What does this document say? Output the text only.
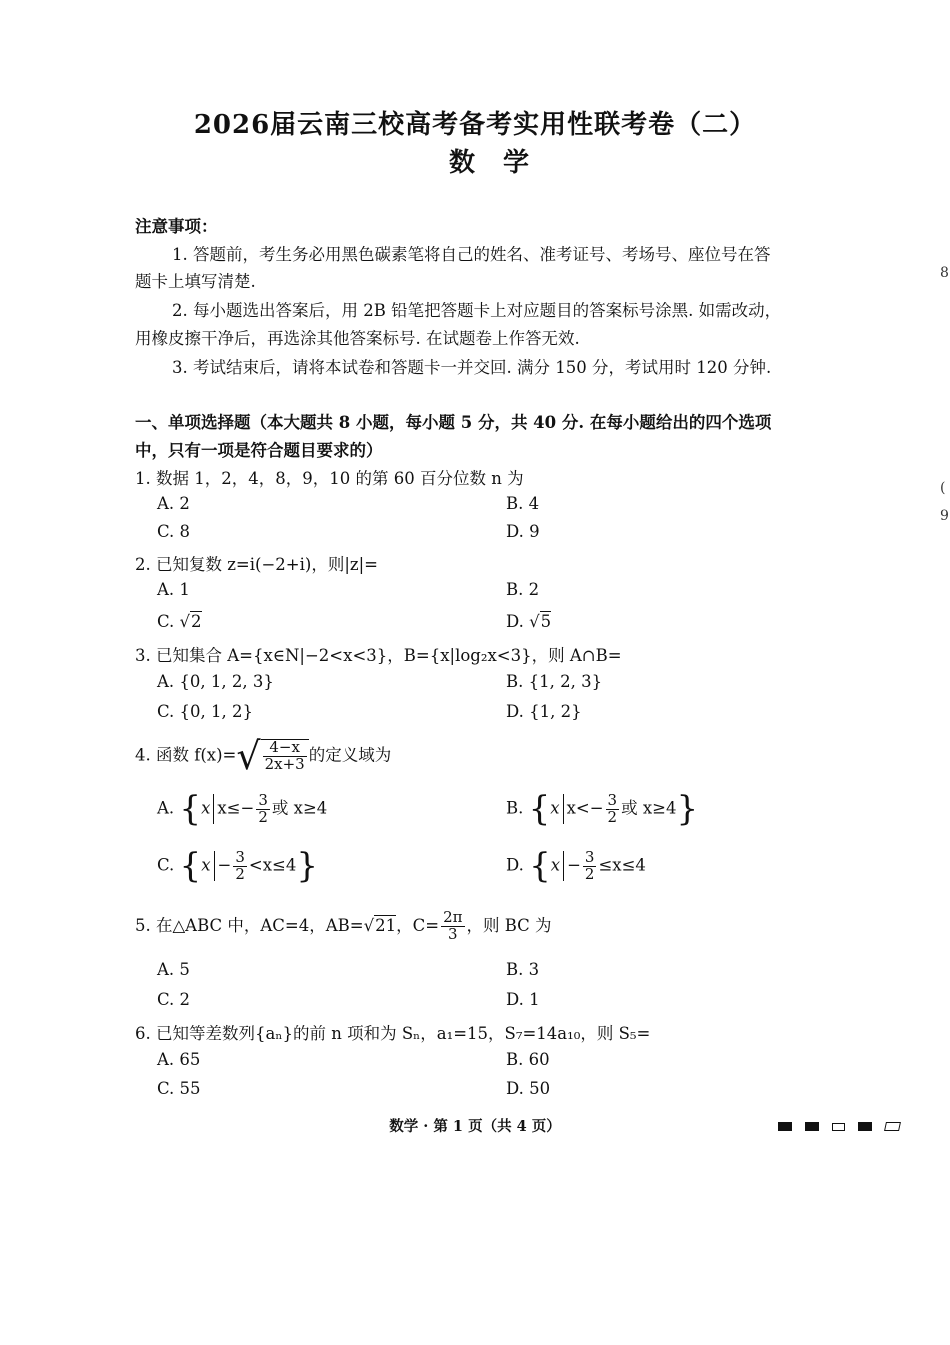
2026届云南三校高考备考实用性联考卷（二）
数学
注意事项：
1. 答题前，考生务必用黑色碳素笔将自己的姓名、准考证号、考场号、座位号在答
题卡上填写清楚.
2. 每小题选出答案后，用 2B 铅笔把答题卡上对应题目的答案标号涂黑. 如需改动，
用橡皮擦干净后，再选涂其他答案标号. 在试题卷上作答无效.
3. 考试结束后，请将本试卷和答题卡一并交回. 满分 150 分，考试用时 120 分钟.
一、单项选择题（本大题共 8 小题，每小题 5 分，共 40 分. 在每小题给出的四个选项
中，只有一项是符合题目要求的）
1. 数据 1，2，4，8，9，10 的第 60 百分位数 n 为
A. 2	B. 4
C. 8	D. 9
2. 已知复数 z=i(−2+i)，则|z|=
A. 1	B. 2
C. √2	D. √5
3. 已知集合 A={x∈N|−2<x<3}，B={x|log₂x<3}，则 A∩B=
A. {0, 1, 2, 3}	B. {1, 2, 3}
C. {0, 1, 2}	D. {1, 2}
4. 函数 $f(x)=√ \frac{4-x}{2x+3}$ 的定义域为
A. {x $x\le- \frac{3}{2}$ 或 x≥4	B. {x $x<- \frac{3}{2}$ 或 x≥4}
C. $\{x - \frac{3}{2} <x\le 4\}$	D. {$x - \frac{3}{2} \le x\le 4$
5. 在△ABC 中，AC=4，AB=√21，$C= \frac{2\pi}{3}$ ，则 BC 为
A. 5	B. 3
C. 2	D. 1
6. 已知等差数列{aₙ}的前 n 项和为 Sₙ，a₁=15，S₇=14a₁₀，则 S₅=
A. 65	B. 60
C. 55	D. 50
数学 · 第 1 页（共 4 页）
8
(
9
